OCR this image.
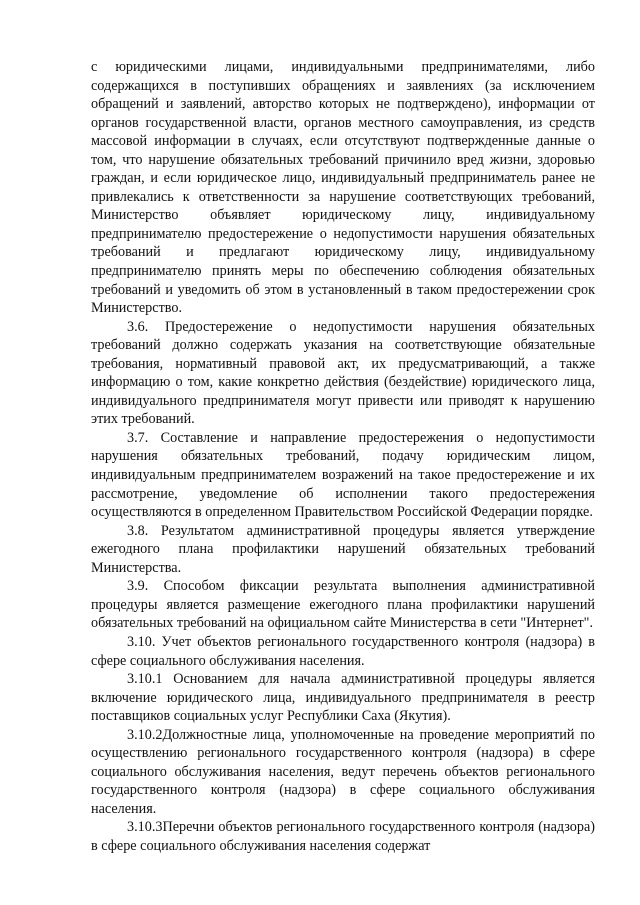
с юридическими лицами, индивидуальными предпринимателями, либо содержащихся в поступивших обращениях и заявлениях (за исключением обращений и заявлений, авторство которых не подтверждено), информации от органов государственной власти, органов местного самоуправления, из средств массовой информации в случаях, если отсутствуют подтвержденные данные о том, что нарушение обязательных требований причинило вред жизни, здоровью граждан, и если юридическое лицо, индивидуальный предприниматель ранее не привлекались к ответственности за нарушение соответствующих требований, Министерство объявляет юридическому лицу, индивидуальному предпринимателю предостережение о недопустимости нарушения обязательных требований и предлагают юридическому лицу, индивидуальному предпринимателю принять меры по обеспечению соблюдения обязательных требований и уведомить об этом в установленный в таком предостережении срок Министерство.

3.6. Предостережение о недопустимости нарушения обязательных требований должно содержать указания на соответствующие обязательные требования, нормативный правовой акт, их предусматривающий, а также информацию о том, какие конкретно действия (бездействие) юридического лица, индивидуального предпринимателя могут привести или приводят к нарушению этих требований.

3.7. Составление и направление предостережения о недопустимости нарушения обязательных требований, подачу юридическим лицом, индивидуальным предпринимателем возражений на такое предостережение и их рассмотрение, уведомление об исполнении такого предостережения осуществляются в определенном Правительством Российской Федерации порядке.

3.8. Результатом административной процедуры является утверждение ежегодного плана профилактики нарушений обязательных требований Министерства.

3.9. Способом фиксации результата выполнения административной процедуры является размещение ежегодного плана профилактики нарушений обязательных требований на официальном сайте Министерства в сети "Интернет".

3.10. Учет объектов регионального государственного контроля (надзора) в сфере социального обслуживания населения.

3.10.1 Основанием для начала административной процедуры является включение юридического лица, индивидуального предпринимателя в реестр поставщиков социальных услуг Республики Саха (Якутия).

3.10.2Должностные лица, уполномоченные на проведение мероприятий по осуществлению регионального государственного контроля (надзора) в сфере социального обслуживания населения, ведут перечень объектов регионального государственного контроля (надзора) в сфере социального обслуживания населения.

3.10.3Перечни объектов регионального государственного контроля (надзора) в сфере социального обслуживания населения содержат
